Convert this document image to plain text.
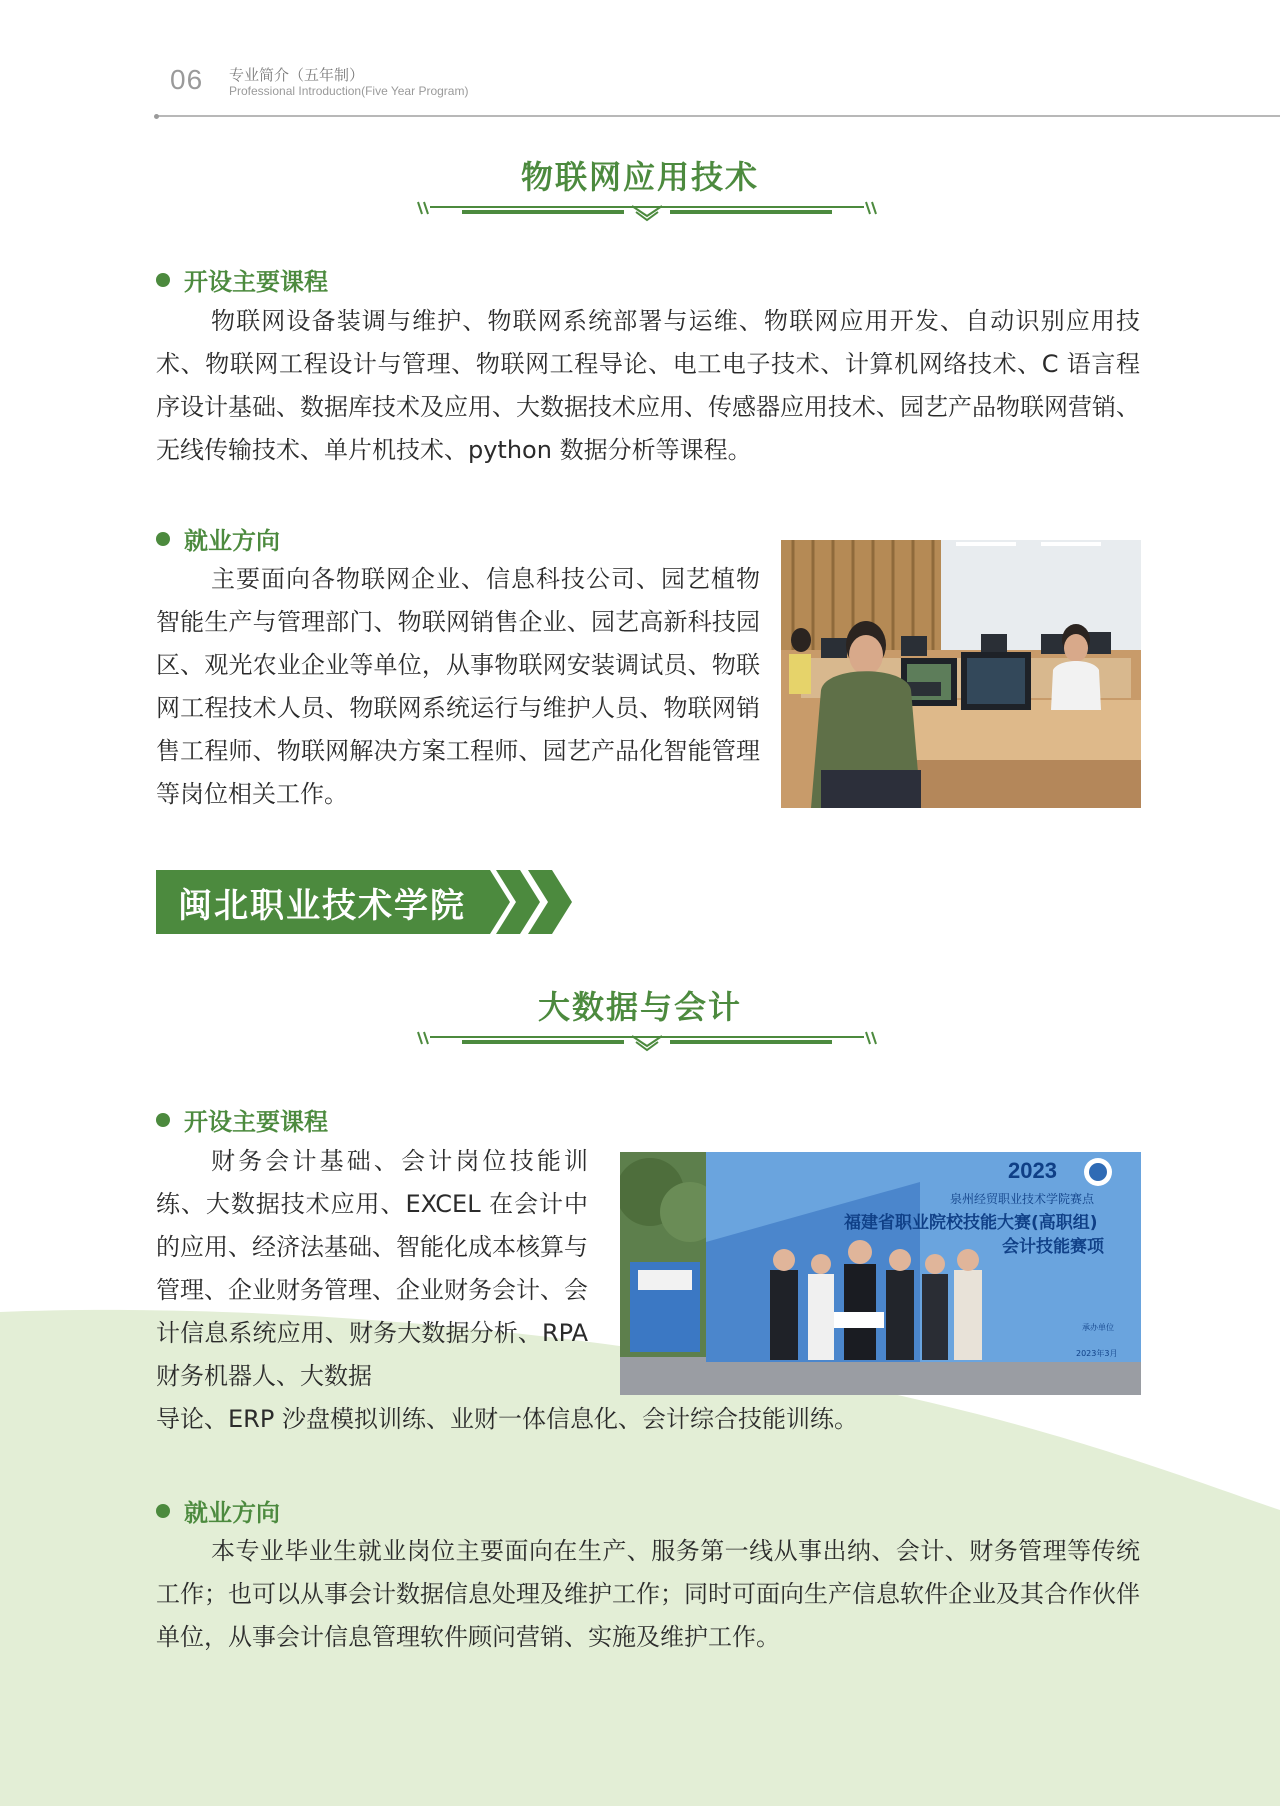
06 专业简介（五年制）
Professional Introduction(Five Year Program)
物联网应用技术
开设主要课程

物联网设备装调与维护、物联网系统部署与运维、物联网应用开发、自动识别应用技术、物联网工程设计与管理、物联网工程导论、电工电子技术、计算机网络技术、C 语言程序设计基础、数据库技术及应用、大数据技术应用、传感器应用技术、园艺产品物联网营销、无线传输技术、单片机技术、python 数据分析等课程。

就业方向

主要面向各物联网企业、信息科技公司、园艺植物智能生产与管理部门、物联网销售企业、园艺高新科技园区、观光农业企业等单位，从事物联网安装调试员、物联网工程技术人员、物联网系统运行与维护人员、物联网销售工程师、物联网解决方案工程师、园艺产品化智能管理等岗位相关工作。

闽北职业技术学院
大数据与会计
开设主要课程

财务会计基础、会计岗位技能训练、大数据技术应用、EXCEL 在会计中的应用、经济法基础、智能化成本核算与管理、企业财务管理、企业财务会计、会计信息系统应用、财务大数据分析、RPA 财务机器人、大数据

导论、ERP 沙盘模拟训练、业财一体信息化、会计综合技能训练。

2023
泉州经贸职业技术学院赛点
福建省职业院校技能大赛(高职组)
会计技能赛项
承办单位
2023年3月
就业方向

本专业毕业生就业岗位主要面向在生产、服务第一线从事出纳、会计、财务管理等传统工作；也可以从事会计数据信息处理及维护工作；同时可面向生产信息软件企业及其合作伙伴单位，从事会计信息管理软件顾问营销、实施及维护工作。
